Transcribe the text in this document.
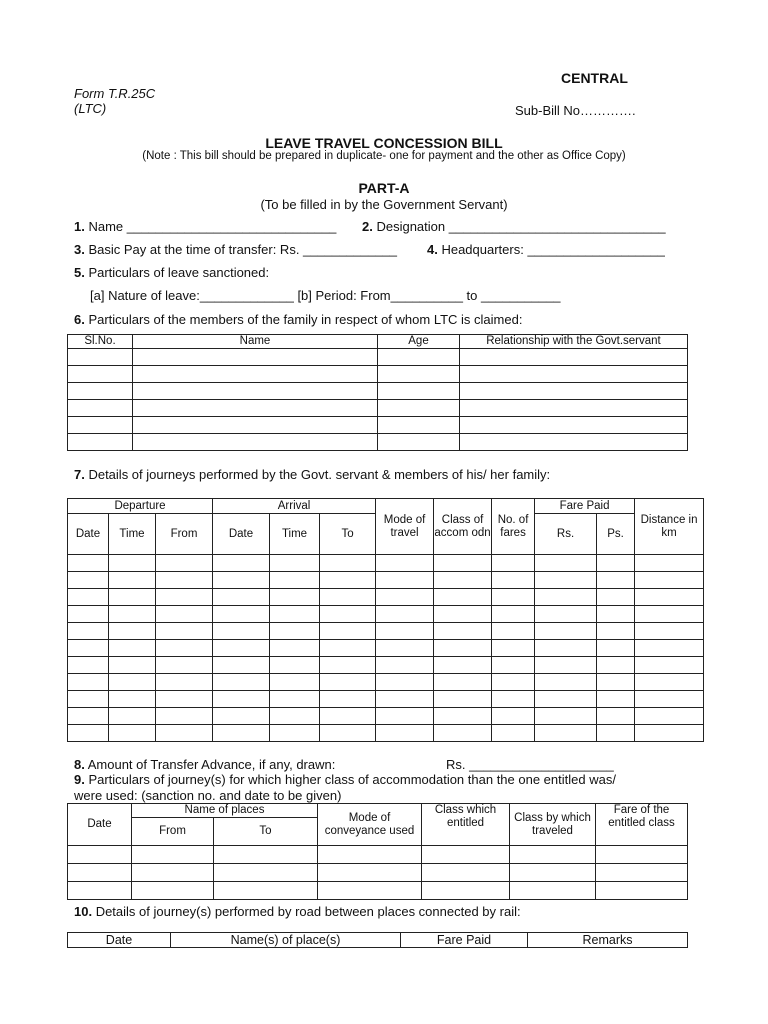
CENTRAL
Form T.R.25C
(LTC)	Sub-Bill No………….
LEAVE TRAVEL CONCESSION BILL
(Note : This bill should be prepared in duplicate- one for payment and the other as Office Copy)
PART-A
(To be filled in by the Government Servant)
1. Name _____________________________ 2. Designation ______________________________
3. Basic Pay at the time of transfer: Rs. _____________ 4. Headquarters: ___________________
5. Particulars of leave sanctioned:
[a] Nature of leave:_____________ [b] Period: From__________ to ___________
6. Particulars of the members of the family in respect of whom LTC is claimed:
Sl.No.	Name	Age	Relationship with the Govt.servant

7. Details of journeys performed by the Govt. servant & members of his/ her family:
Departure			Arrival			Mode of travel	Class of accom odn	No. of fares	Fare Paid		Distance in km
Date	Time	From	Date	Time	To				Rs.	Ps.	

8. Amount of Transfer Advance, if any, drawn:	Rs. ____________________
9. Particulars of journey(s) for which higher class of accommodation than the one entitled was/
were used: (sanction no. and date to be given)
Date	Name of places		Mode of conveyance used	Class which entitled	Class by which traveled	Fare of the entitled class
	From	To				

10. Details of journey(s) performed by road between places connected by rail:
Date	Name(s) of place(s)	Fare Paid	Remarks
